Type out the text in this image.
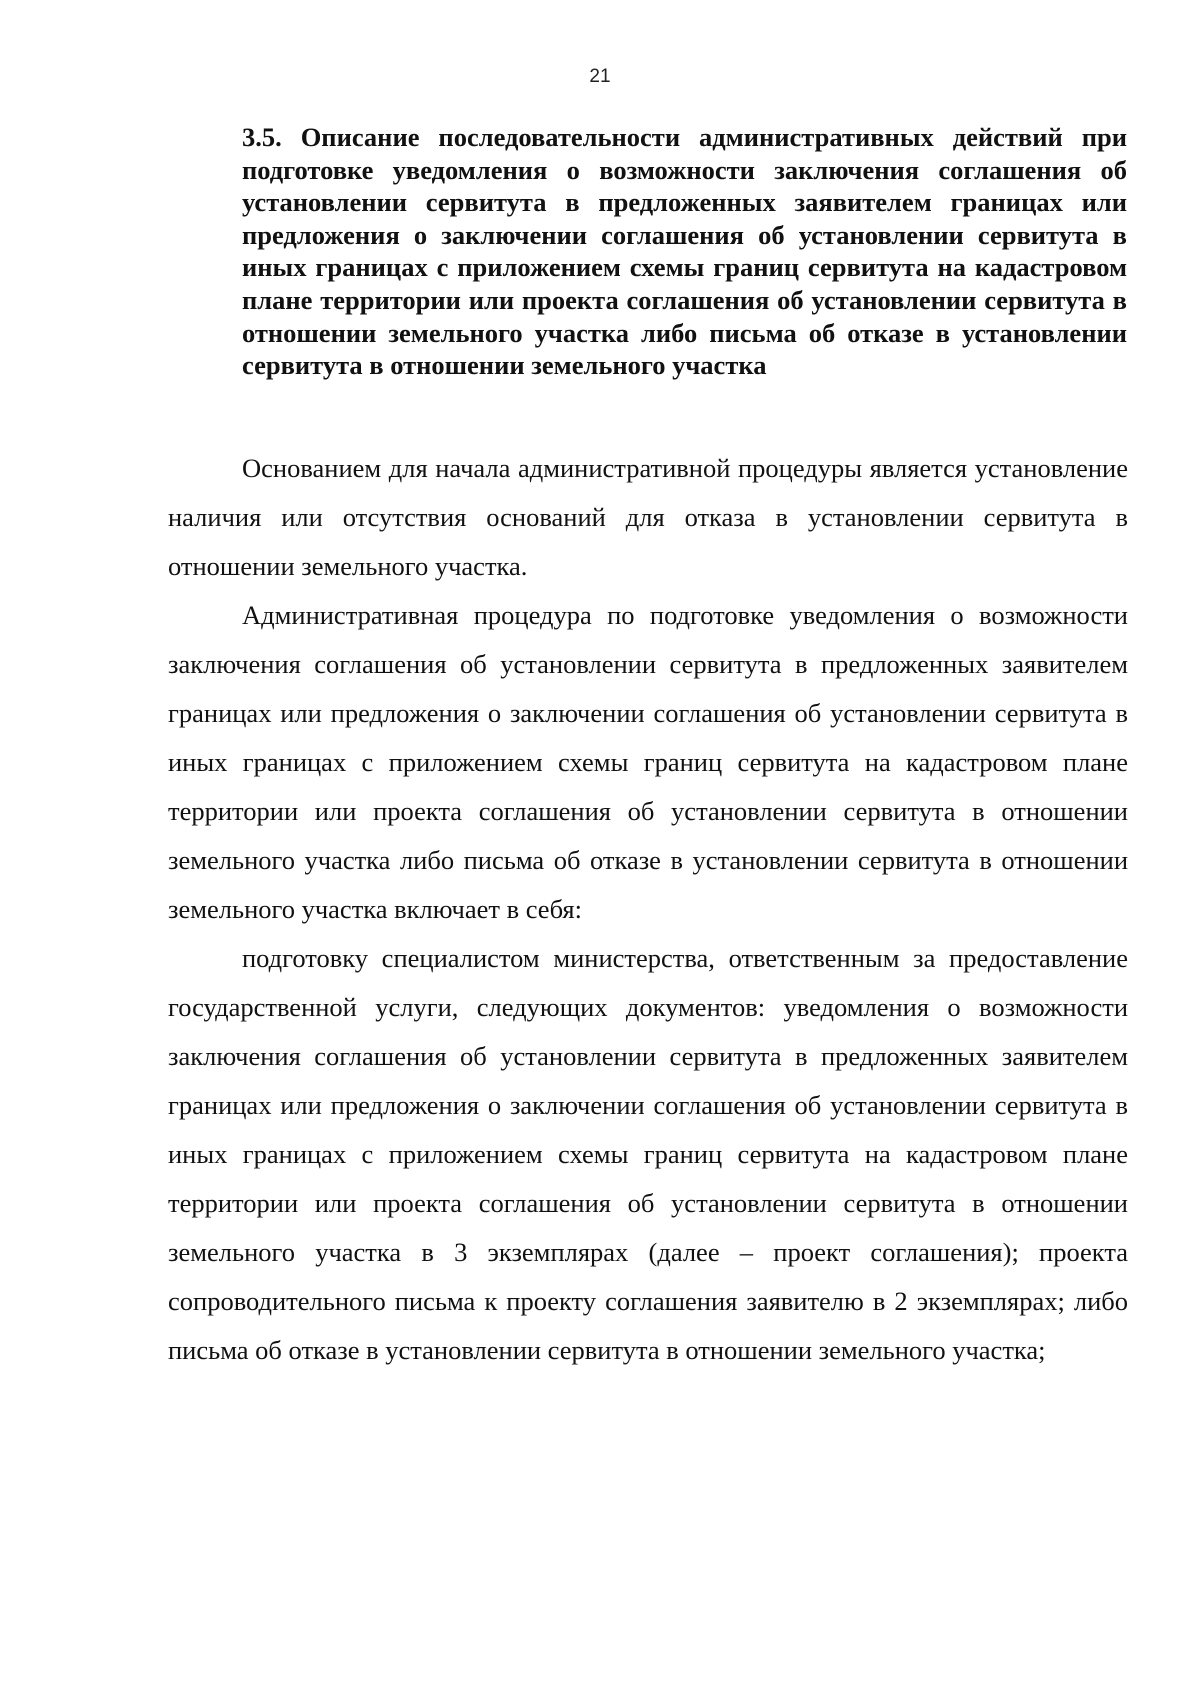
21
3.5. Описание последовательности административных действий при подготовке уведомления о возможности заключения соглашения об установлении сервитута в предложенных заявителем границах или предложения о заключении соглашения об установлении сервитута в иных границах с приложением схемы границ сервитута на кадастровом плане территории или проекта соглашения об установлении сервитута в отношении земельного участка либо письма об отказе в установлении сервитута в отношении земельного участка

Основанием для начала административной процедуры является установление наличия или отсутствия оснований для отказа в установлении сервитута в отношении земельного участка.

Административная процедура по подготовке уведомления о возможности заключения соглашения об установлении сервитута в предложенных заявителем границах или предложения о заключении соглашения об установлении сервитута в иных границах с приложением схемы границ сервитута на кадастровом плане территории или проекта соглашения об установлении сервитута в отношении земельного участка либо письма об отказе в установлении сервитута в отношении земельного участка включает в себя:

подготовку специалистом министерства, ответственным за предоставление государственной услуги, следующих документов: уведомления о возможности заключения соглашения об установлении сервитута в предложенных заявителем границах или предложения о заключении соглашения об установлении сервитута в иных границах с приложением схемы границ сервитута на кадастровом плане территории или проекта соглашения об установлении сервитута в отношении земельного участка в 3 экземплярах (далее – проект соглашения); проекта сопроводительного письма к проекту соглашения заявителю в 2 экземплярах; либо письма об отказе в установлении сервитута в отношении земельного участка;
